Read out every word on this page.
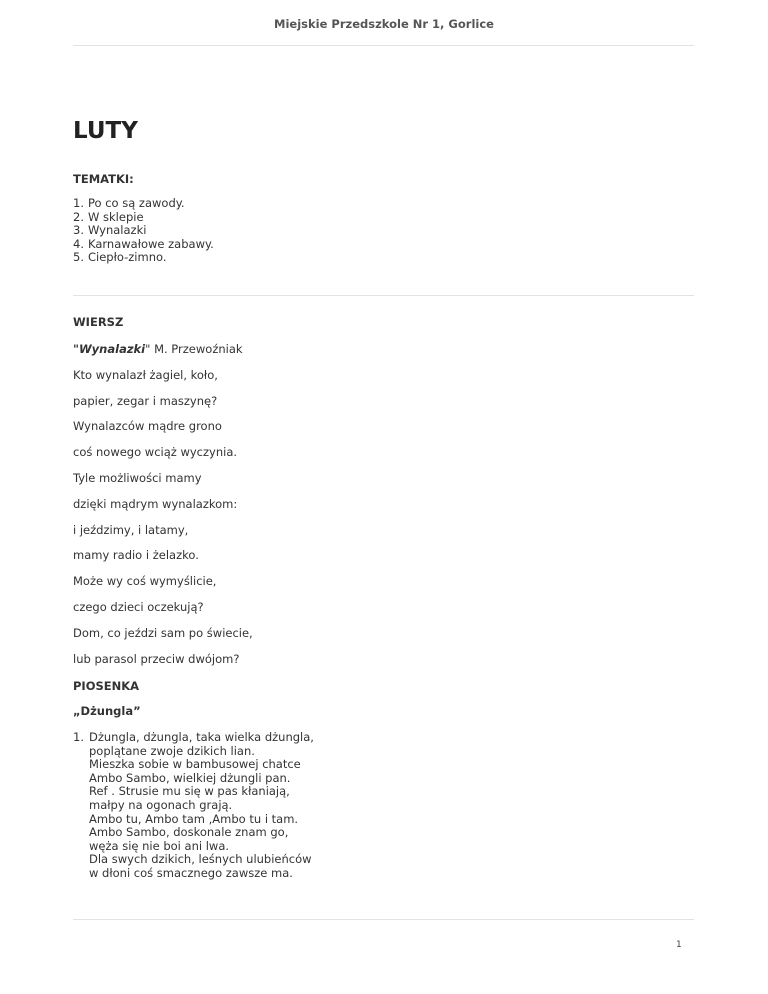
Miejskie Przedszkole Nr 1, Gorlice
LUTY
TEMATKI:
1. Po co są zawody.
2. W sklepie
3. Wynalazki
4. Karnawałowe zabawy.
5. Ciepło-zimno.
WIERSZ
"Wynalazki" M. Przewoźniak
Kto wynalazł żagiel, koło,
papier, zegar i maszynę?
Wynalazców mądre grono
coś nowego wciąż wyczynia.
Tyle możliwości mamy
dzięki mądrym wynalazkom:
i jeździmy, i latamy,
mamy radio i żelazko.
Może wy coś wymyślicie,
czego dzieci oczekują?
Dom, co jeździ sam po świecie,
lub parasol przeciw dwójom?
PIOSENKA
„Dżungla”
1. Dżungla, dżungla, taka wielka dżungla,
poplątane zwoje dzikich lian.
Mieszka sobie w bambusowej chatce
Ambo Sambo, wielkiej dżungli pan.
Ref . Strusie mu się w pas kłaniają,
małpy na ogonach grają.
Ambo tu, Ambo tam ,Ambo tu i tam.
Ambo Sambo, doskonale znam go,
węża się nie boi ani lwa.
Dla swych dzikich, leśnych ulubieńców
w dłoni coś smacznego zawsze ma.
1
